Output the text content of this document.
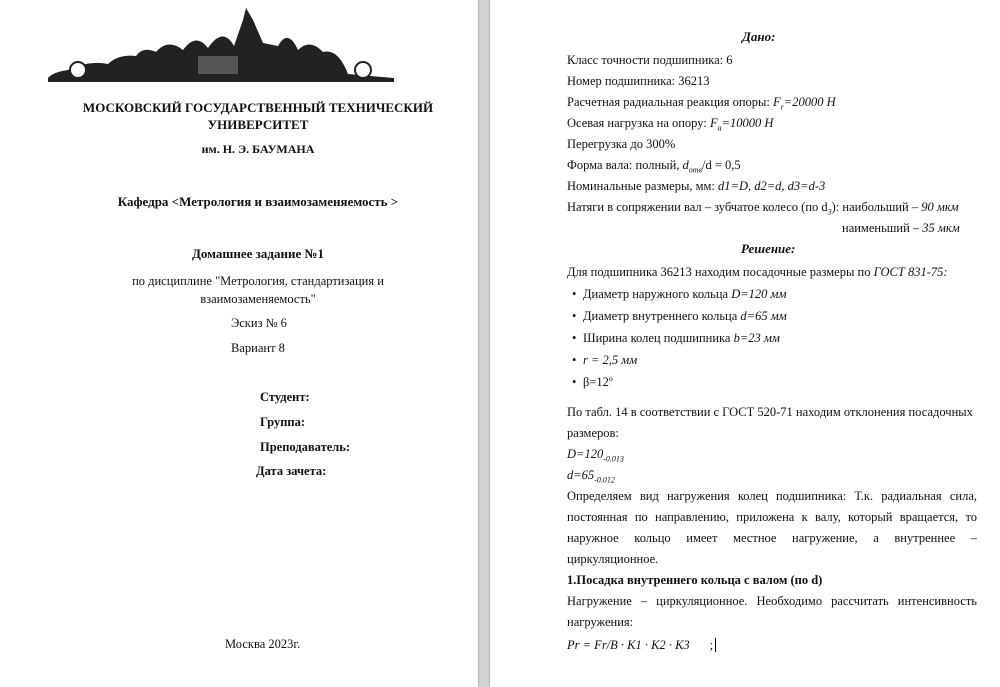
МОСКОВСКИЙ ГОСУДАРСТВЕННЫЙ ТЕХНИЧЕСКИЙ
УНИВЕРСИТЕТ
им. Н. Э. БАУМАНА
Кафедра <Метрология и взаимозаменяемость >
Домашнее задание №1
по дисциплине "Метрология, стандартизация и
взаимозаменяемость"
Эскиз № 6
Вариант 8
Студент:
Группа:
Преподаватель:
Дата зачета:
Москва 2023г.
Дано:
Класс точности подшипника: 6
Номер подшипника: 36213
Расчетная радиальная реакция опоры: $F_r=20000$ Н
Осевая нагрузка на опору: $F_a=10000$ Н
Перегрузка до 300%
Форма вала: полный, $d_{отв}/d = 0,5$
Номинальные размеры, мм: d1=D, d2=d, d3=d-3
Натяги в сопряжении вал – зубчатое колесо (по $d_3$): наибольший – 90 мкм
наименьший – 35 мкм
Решение:
Для подшипника 36213 находим посадочные размеры по ГОСТ 831-75:
• Диаметр наружного кольца D=120 мм
• Диаметр внутреннего кольца d=65 мм
• Ширина колец подшипника b=23 мм
• r = 2,5 мм
• β=12º
По табл. 14 в соответствии с ГОСТ 520-71 находим отклонения посадочных
размеров:
$D=120_{-0.013}$
$d=65_{-0.012}$
Определяем вид нагружения колец подшипника: Т.к. радиальная сила,
постоянная по направлению, приложена к валу, который вращается, то
наружное кольцо имеет местное нагружение, а внутреннее –
циркуляционное.
1.Посадка внутреннего кольца с валом (по d)
Нагружение – циркуляционное. Необходимо рассчитать интенсивность
нагружения:
Pr = Fr/B · K1 · K2 · K3 ;
